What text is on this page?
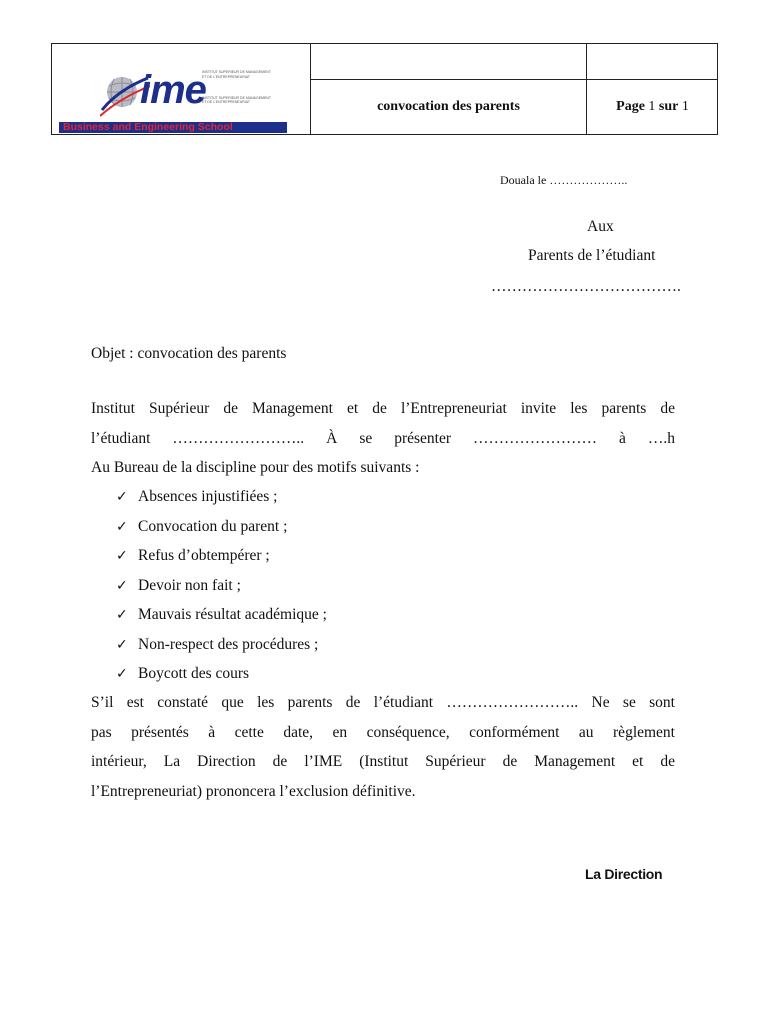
ime
INSTITUT SUPERIEUR DE MANAGEMENT
ET DE L'ENTREPRENEURIAT
INSTITUT SUPERIEUR DE MANAGEMENT
ET DE L'ENTREPRENEURIAT
Business and Engineering School
convocation des parents	Page
1
sur
1
Douala le ………………..
Aux
Parents de l’étudiant
……………………………….
Objet : convocation des parents
Institut Supérieur de Management et de l’Entrepreneuriat invite les parents de
l’étudiant …………………….. À se présenter …………………… à ….h
Au Bureau de la discipline pour des motifs suivants :
✓ Absences injustifiées ;
✓ Convocation du parent ;
✓ Refus d’obtempérer ;
✓ Devoir non fait ;
✓ Mauvais résultat académique ;
✓ Non-respect des procédures ;
✓ Boycott des cours
S’il est constaté que les parents de l’étudiant …………………….. Ne se sont
pas présentés à cette date, en conséquence, conformément au règlement
intérieur, La Direction de l’IME (Institut Supérieur de Management et de
l’Entrepreneuriat) prononcera l’exclusion définitive.
La Direction
